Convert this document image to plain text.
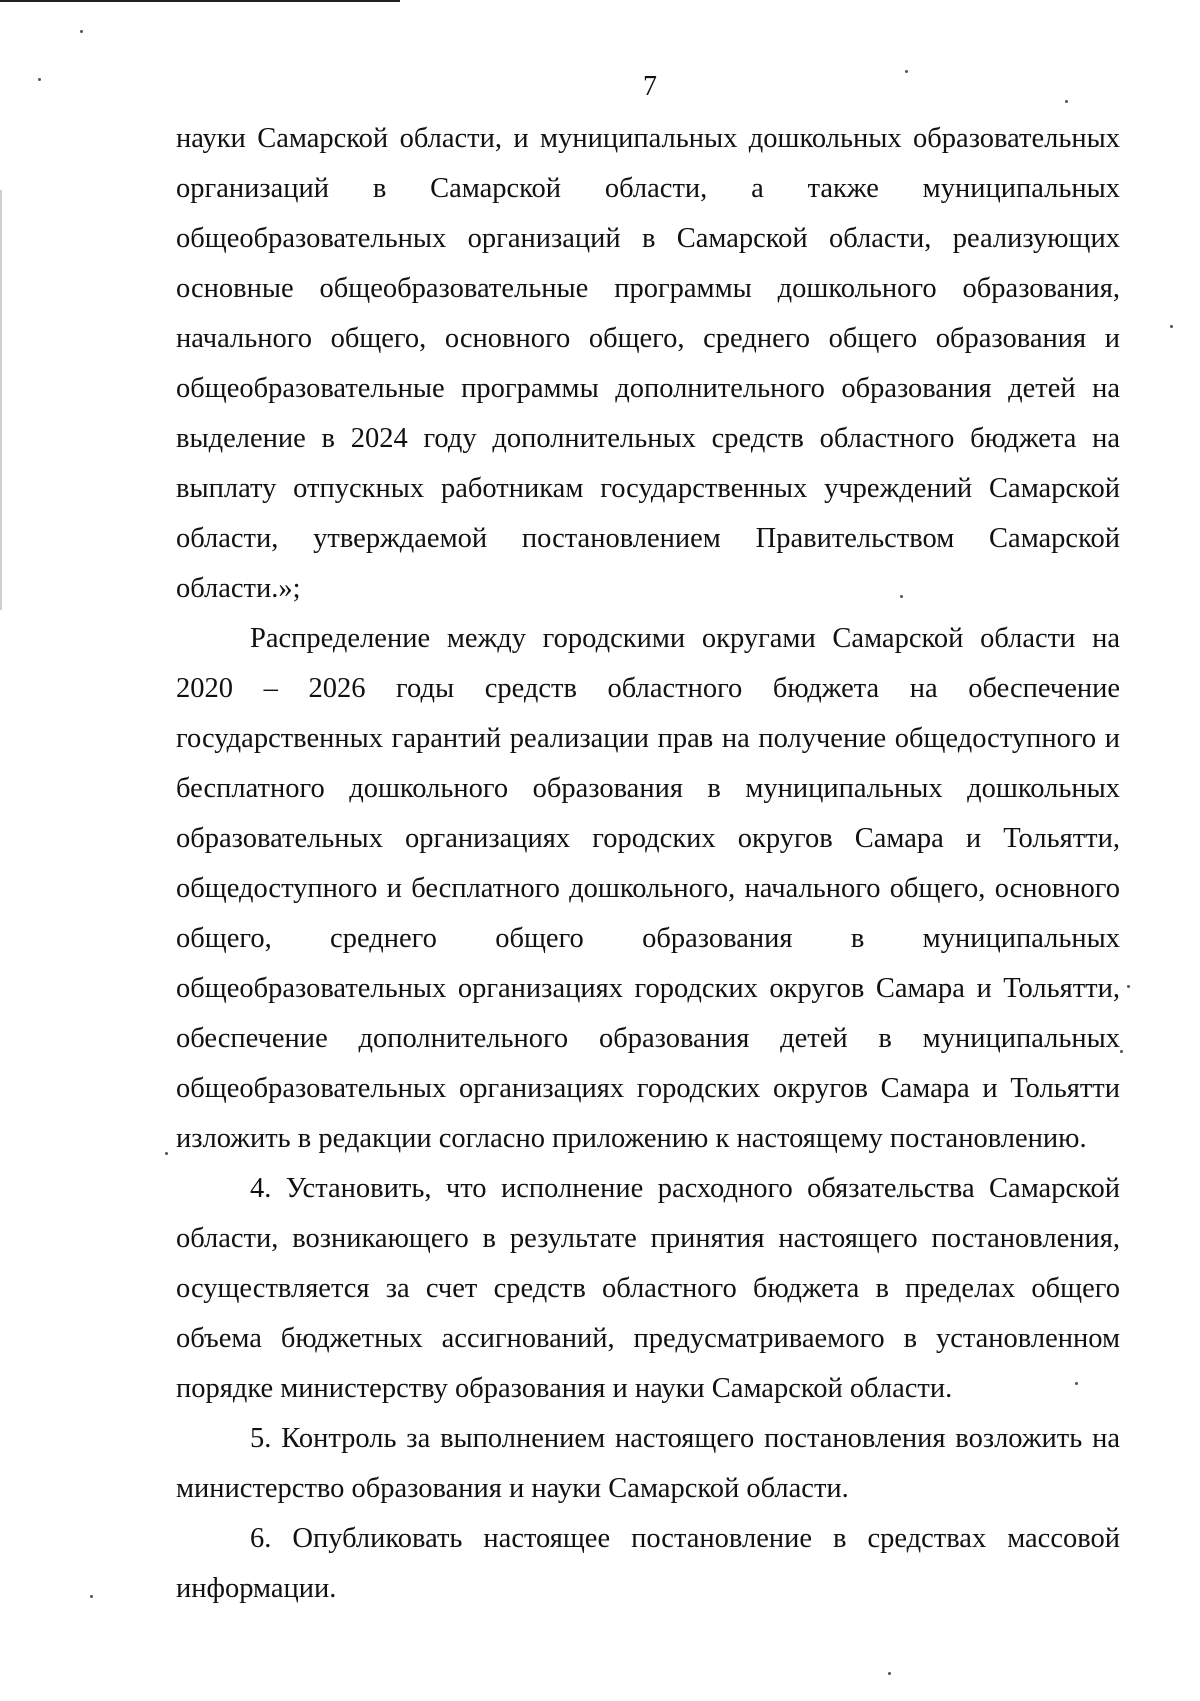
7

науки Самарской области, и муниципальных дошкольных образовательных организаций в Самарской области, а также муниципальных общеобразовательных организаций в Самарской области, реализующих основные общеобразовательные программы дошкольного образования, начального общего, основного общего, среднего общего образования и общеобразовательные программы дополнительного образования детей на выделение в 2024 году дополнительных средств областного бюджета на выплату отпускных работникам государственных учреждений Самарской области, утверждаемой постановлением Правительством Самарской области.»;

Распределение между городскими округами Самарской области на 2020 – 2026 годы средств областного бюджета на обеспечение государственных гарантий реализации прав на получение общедоступного и бесплатного дошкольного образования в муниципальных дошкольных образовательных организациях городских округов Самара и Тольятти, общедоступного и бесплатного дошкольного, начального общего, основного общего, среднего общего образования в муниципальных общеобразовательных организациях городских округов Самара и Тольятти, обеспечение дополнительного образования детей в муниципальных общеобразовательных организациях городских округов Самара и Тольятти изложить в редакции согласно приложению к настоящему постановлению.

4. Установить, что исполнение расходного обязательства Самарской области, возникающего в результате принятия настоящего постановления, осуществляется за счет средств областного бюджета в пределах общего объема бюджетных ассигнований, предусматриваемого в установленном порядке министерству образования и науки Самарской области.

5. Контроль за выполнением настоящего постановления возложить на министерство образования и науки Самарской области.

6. Опубликовать настоящее постановление в средствах массовой информации.
